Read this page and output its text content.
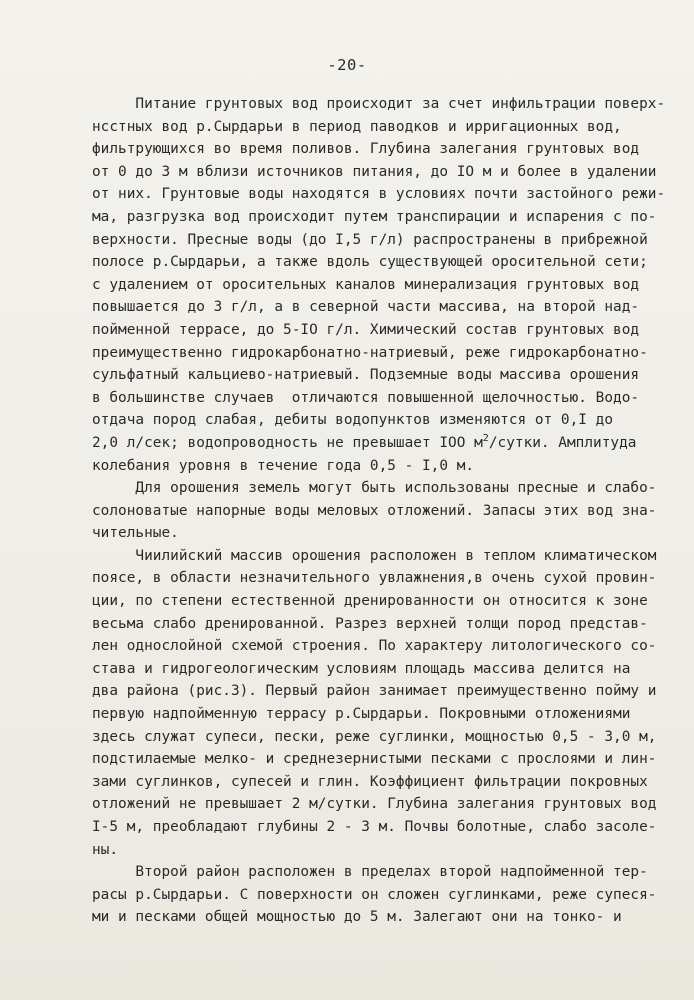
-20-
Питание грунтовых вод происходит за счет инфильтрации поверх-
нсстных вод р.Сырдарьи в период паводков и ирригационных вод,
фильтрующихся во время поливов. Глубина залегания грунтовых вод
от 0 до 3 м вблизи источников питания, до IO м и более в удалении
от них. Грунтовые воды находятся в условиях почти застойного режи-
ма, разгрузка вод происходит путем транспирации и испарения с по-
верхности. Пресные воды (до I,5 г/л) распространены в прибрежной
полосе р.Сырдарьи, а также вдоль существующей оросительной сети;
с удалением от оросительных каналов минерализация грунтовых вод
повышается до 3 г/л, а в северной части массива, на второй над-
пойменной террасе, до 5-IO г/л. Химический состав грунтовых вод
преимущественно гидрокарбонатно-натриевый, реже гидрокарбонатно-
сульфатный кальциево-натриевый. Подземные воды массива орошения
в большинстве случаев  отличаются повышенной щелочностью. Водо-
отдача пород слабая, дебиты водопунктов изменяются от 0,I до
2,0 л/сек; водопроводность не превышает IOO $м^2$/сутки. Амплитуда
колебания уровня в течение года 0,5 - I,0 м.
Для орошения земель могут быть использованы пресные и слабо-
солоноватые напорные воды меловых отложений. Запасы этих вод зна-
чительные.
Чиилийский массив орошения расположен в теплом климатическом
поясе, в области незначительного увлажнения,в очень сухой провин-
ции, по степени естественной дренированности он относится к зоне
весьма слабо дренированной. Разрез верхней толщи пород представ-
лен однослойной схемой строения. По характеру литологического со-
става и гидрогеологическим условиям площадь массива делится на
два района (рис.3). Первый район занимает преимущественно пойму и
первую надпойменную террасу р.Сырдарьи. Покровными отложениями
здесь служат супеси, пески, реже суглинки, мощностью 0,5 - 3,0 м,
подстилаемые мелко- и среднезернистыми песками с прослоями и лин-
зами суглинков, супесей и глин. Коэффициент фильтрации покровных
отложений не превышает 2 м/сутки. Глубина залегания грунтовых вод
I-5 м, преобладают глубины 2 - 3 м. Почвы болотные, слабо засоле-
ны.
Второй район расположен в пределах второй надпойменной тер-
расы р.Сырдарьи. С поверхности он сложен суглинками, реже супеся-
ми и песками общей мощностью до 5 м. Залегают они на тонко- и
